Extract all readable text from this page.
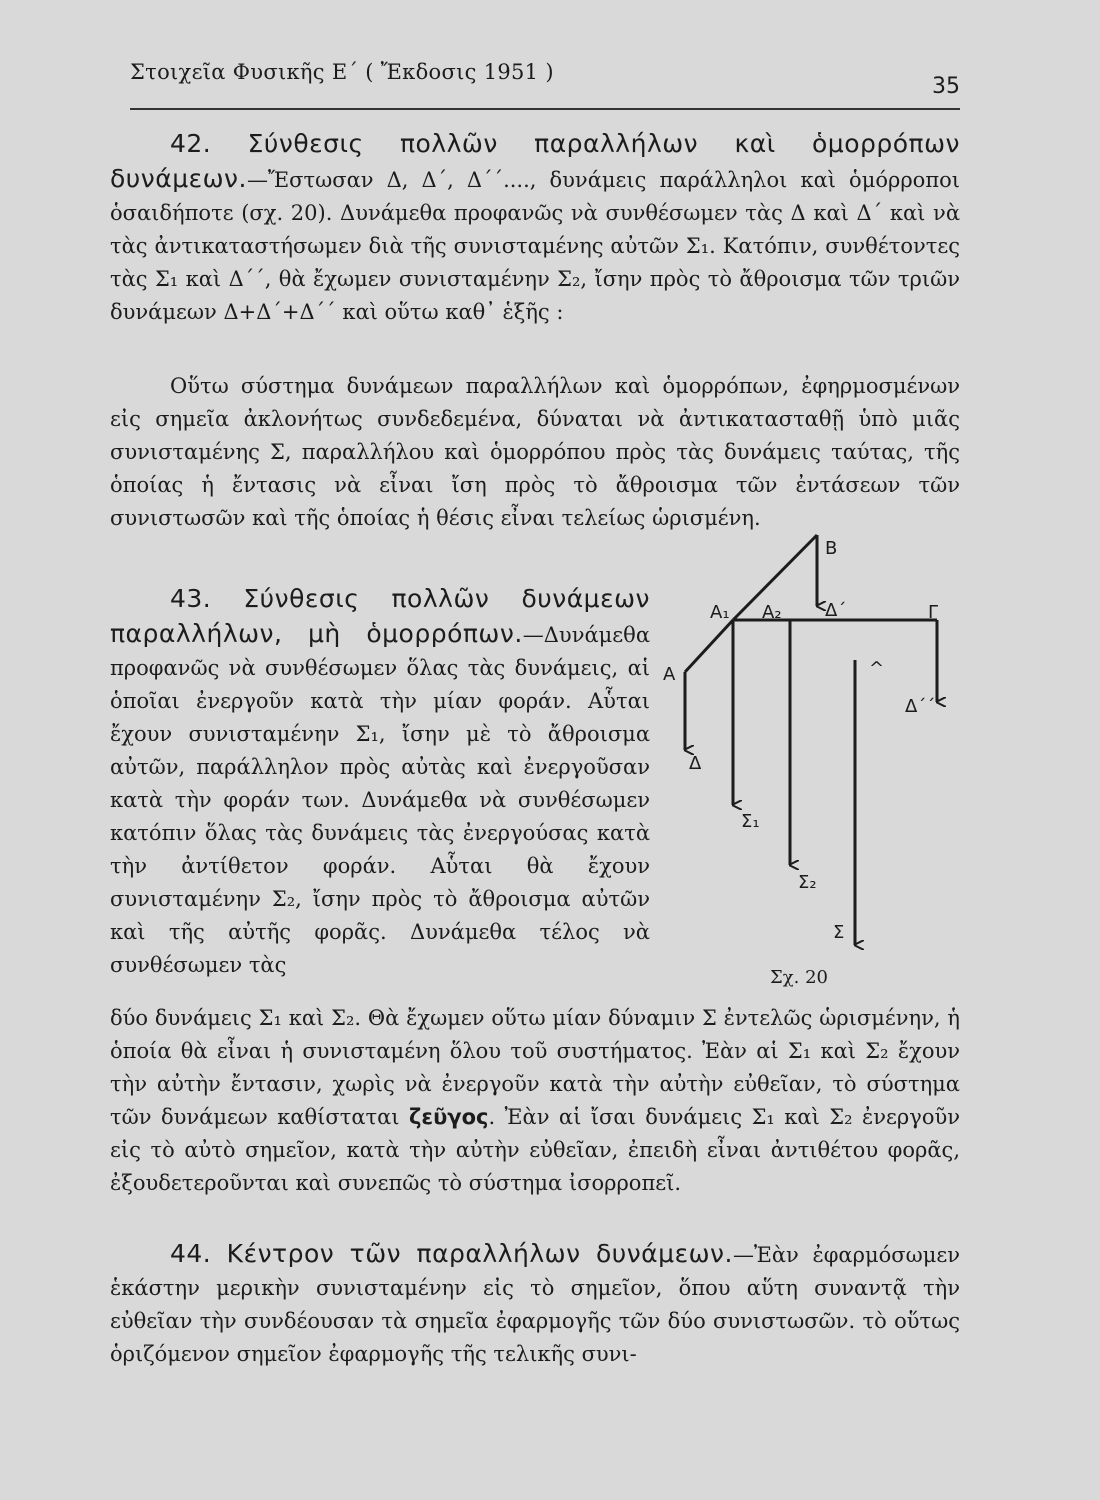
Στοιχεῖα Φυσικῆς Ε΄ ( Ἔκδοσις 1951 )
35

42. Σύνθεσις πολλῶν παραλλήλων καὶ ὁμορρόπων δυνάμεων.—Ἔστωσαν Δ, Δ΄, Δ΄΄...., δυνάμεις παράλληλοι καὶ ὁμόρροποι ὁσαιδήποτε (σχ. 20). Δυνάμεθα προφανῶς νὰ συνθέσωμεν τὰς Δ καὶ Δ΄ καὶ νὰ τὰς ἀντικαταστήσωμεν διὰ τῆς συνισταμένης αὐτῶν Σ₁. Κατόπιν, συνθέτοντες τὰς Σ₁ καὶ Δ΄΄, θὰ ἔχωμεν συνισταμένην Σ₂, ἴσην πρὸς τὸ ἄθροισμα τῶν τριῶν δυνάμεων Δ+Δ΄+Δ΄΄ καὶ οὕτω καθ᾽ ἑξῆς :

Οὕτω σύστημα δυνάμεων παραλλήλων καὶ ὁμορρόπων, ἐφηρμοσμένων εἰς σημεῖα ἀκλονήτως συνδεδεμένα, δύναται νὰ ἀντικατασταθῇ ὑπὸ μιᾶς συνισταμένης Σ, παραλλήλου καὶ ὁμορρόπου πρὸς τὰς δυνάμεις ταύτας, τῆς ὁποίας ἡ ἔντασις νὰ εἶναι ἴση πρὸς τὸ ἄθροισμα τῶν ἐντάσεων τῶν συνιστωσῶν καὶ τῆς ὁποίας ἡ θέσις εἶναι τελείως ὡρισμένη.

43. Σύνθεσις πολλῶν δυνάμεων παραλλήλων, μὴ ὁμορρόπων.—Δυνάμεθα προφανῶς νὰ συνθέσωμεν ὅλας τὰς δυνάμεις, αἱ ὁποῖαι ἐνεργοῦν κατὰ τὴν μίαν φοράν. Αὗται ἔχουν συνισταμένην Σ₁, ἴσην μὲ τὸ ἄθροισμα αὐτῶν, παράλληλον πρὸς αὐτὰς καὶ ἐνεργοῦσαν κατὰ τὴν φοράν των. Δυνάμεθα νὰ συνθέσωμεν κατόπιν ὅλας τὰς δυνάμεις τὰς ἐνεργούσας κατὰ τὴν ἀντίθετον φοράν. Αὗται θὰ ἔχουν συνισταμένην Σ₂, ἴσην πρὸς τὸ ἄθροισμα αὐτῶν καὶ τῆς αὐτῆς φορᾶς. Δυνάμεθα τέλος νὰ συνθέσωμεν τὰς

δύο δυνάμεις Σ₁ καὶ Σ₂. Θὰ ἔχωμεν οὕτω μίαν δύναμιν Σ ἐντελῶς ὡρισμένην, ἡ ὁποία θὰ εἶναι ἡ συνισταμένη ὅλου τοῦ συστήματος. Ἐὰν αἱ Σ₁ καὶ Σ₂ ἔχουν τὴν αὐτὴν ἔντασιν, χωρὶς νὰ ἐνεργοῦν κατὰ τὴν αὐτὴν εὐθεῖαν, τὸ σύστημα τῶν δυνάμεων καθίσταται ζεῦγος. Ἐὰν αἱ ἴσαι δυνάμεις Σ₁ καὶ Σ₂ ἐνεργοῦν εἰς τὸ αὐτὸ σημεῖον, κατὰ τὴν αὐτὴν εὐθεῖαν, ἐπειδὴ εἶναι ἀντιθέτου φορᾶς, ἐξουδετεροῦνται καὶ συνεπῶς τὸ σύστημα ἰσορροπεῖ.

44. Κέντρον τῶν παραλλήλων δυνάμεων.—Ἐὰν ἐφαρμόσωμεν ἑκάστην μερικὴν συνισταμένην εἰς τὸ σημεῖον, ὅπου αὕτη συναντᾷ τὴν εὐθεῖαν τὴν συνδέουσαν τὰ σημεῖα ἐφαρμογῆς τῶν δύο συνιστωσῶν. τὸ οὕτως ὁριζόμενον σημεῖον ἐφαρμογῆς τῆς τελικῆς συνι-

B
A₁ A₂ Δ΄	Γ
A
Δ
Σ₁
Σ₂
Σ
Δ΄΄
^
Σχ. 20
